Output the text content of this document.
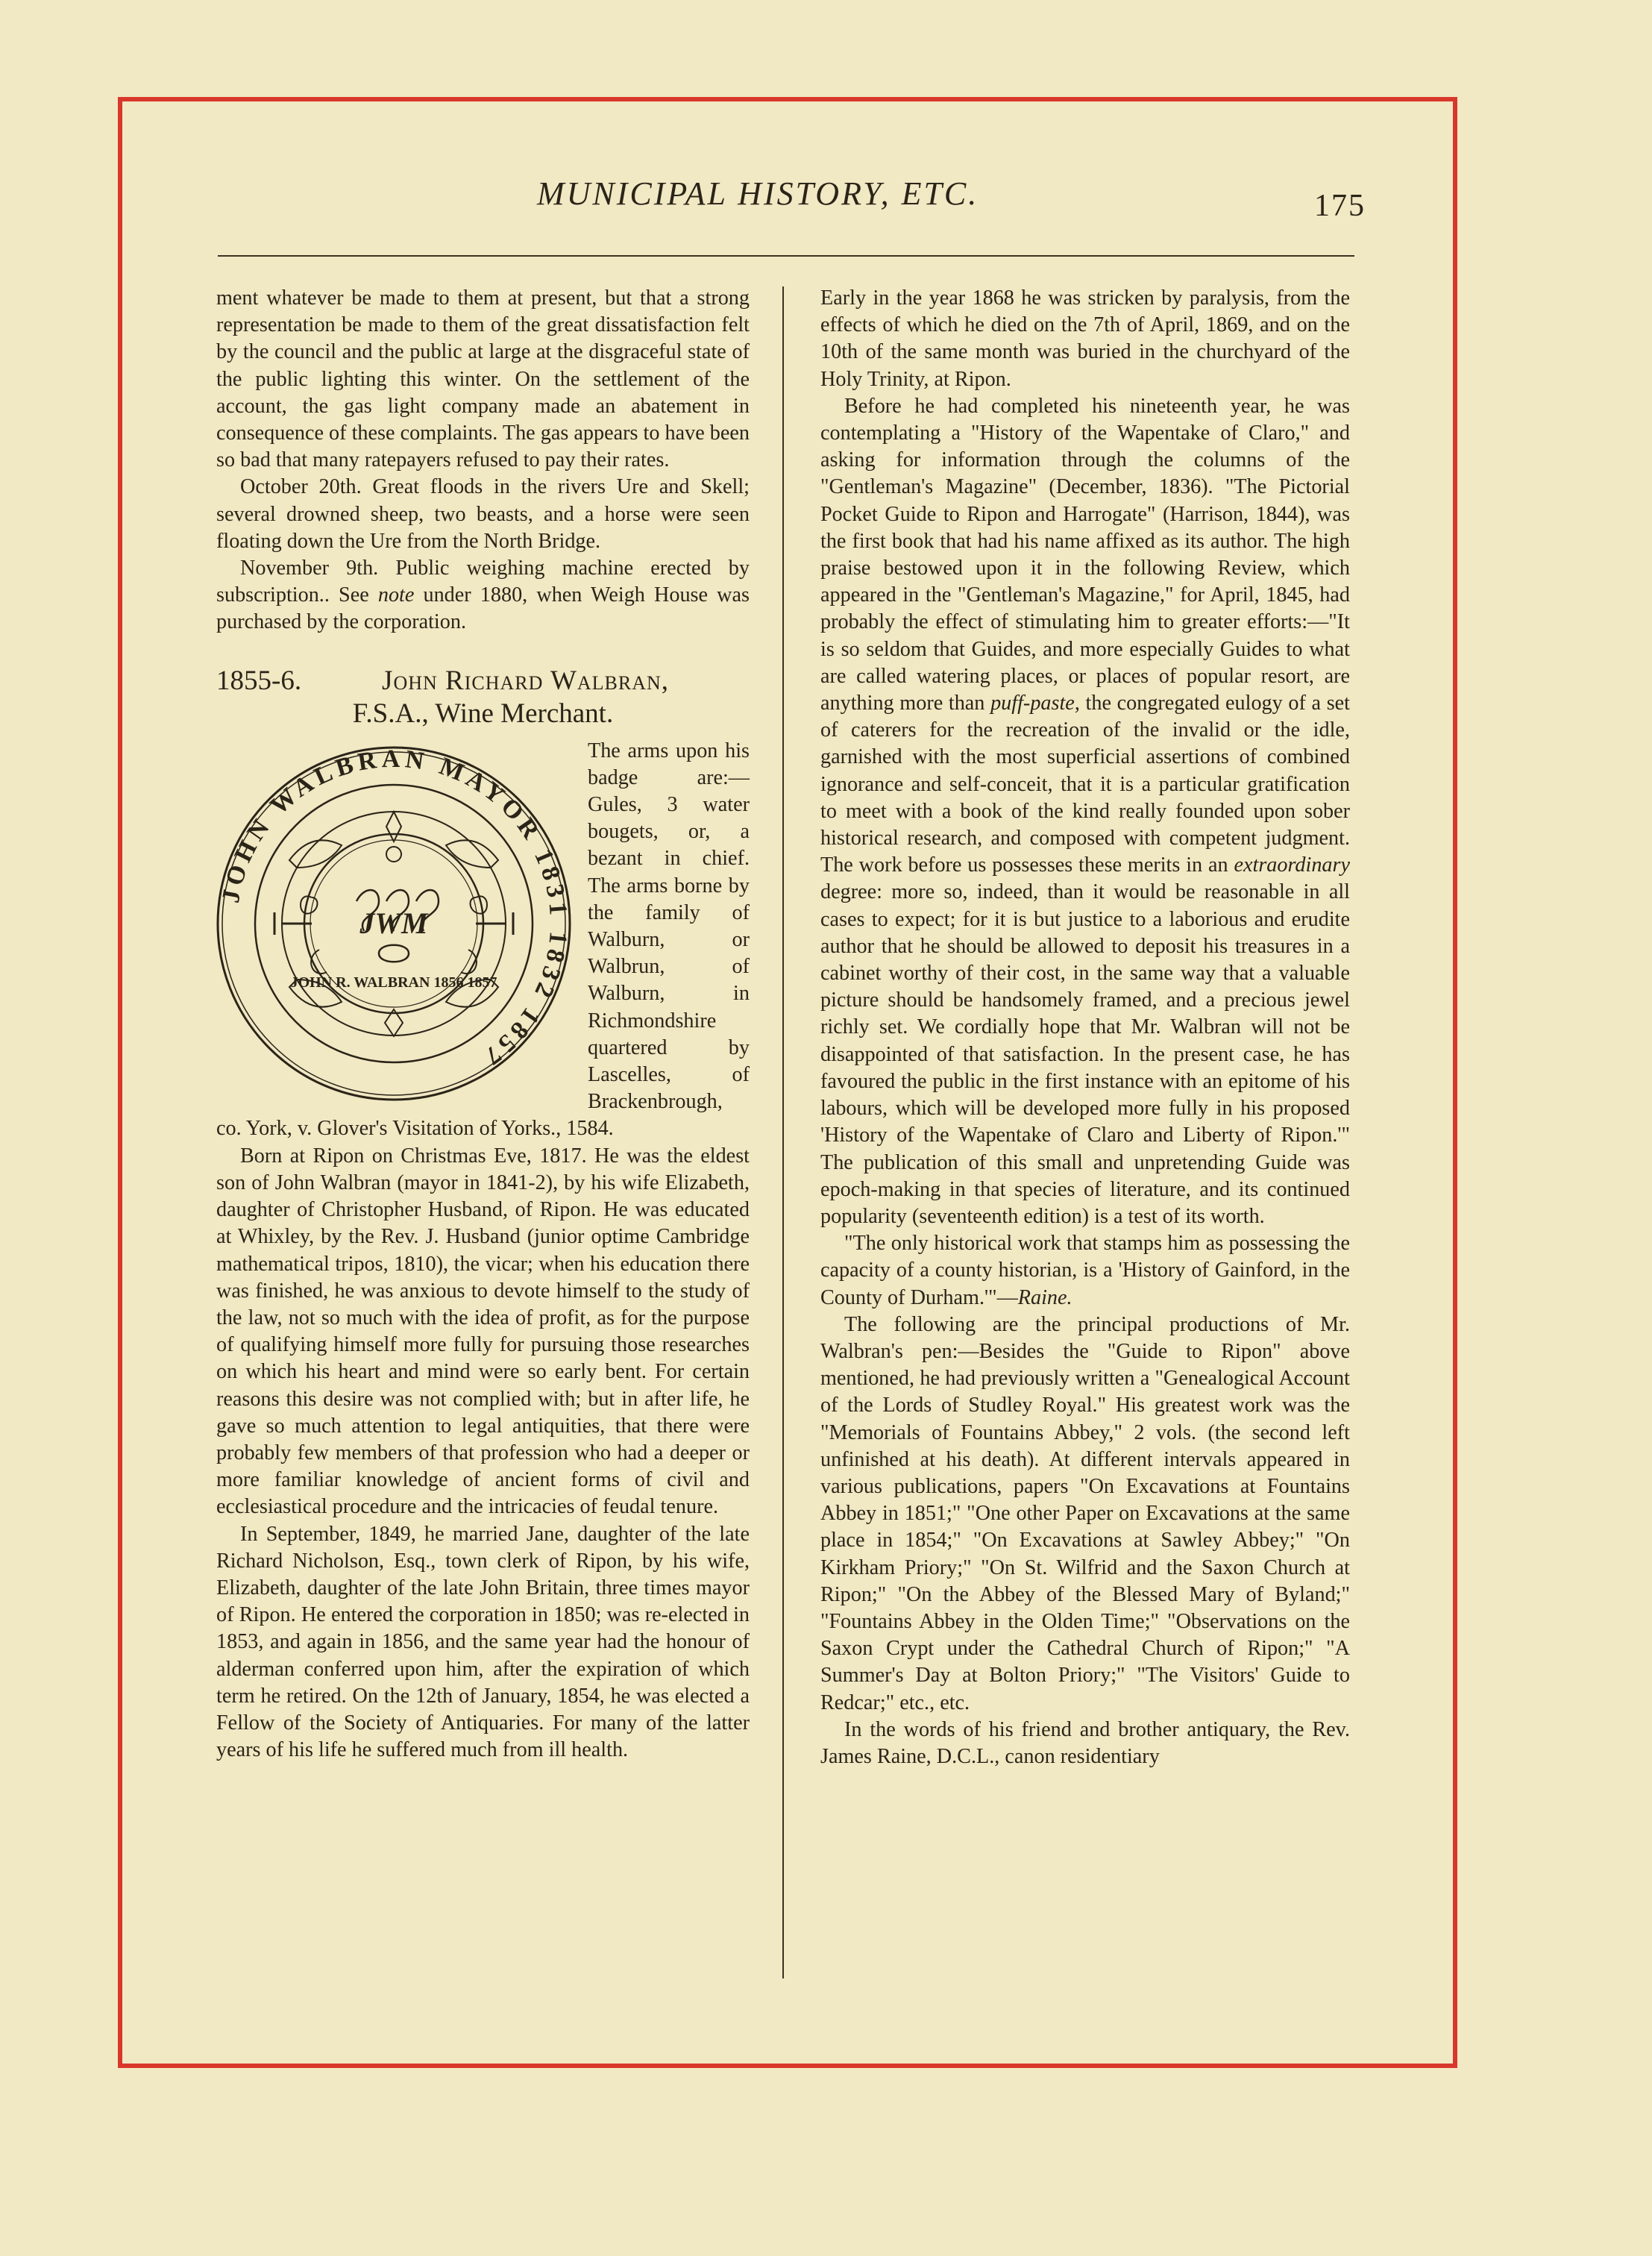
MUNICIPAL HISTORY, ETC.	175

ment whatever be made to them at present, but that a strong representation be made to them of the great dissatisfaction felt by the council and the public at large at the disgraceful state of the public lighting this winter. On the settlement of the account, the gas light company made an abatement in consequence of these complaints. The gas appears to have been so bad that many ratepayers refused to pay their rates.

October 20th. Great floods in the rivers Ure and Skell; several drowned sheep, two beasts, and a horse were seen floating down the Ure from the North Bridge.

November 9th. Public weighing machine erected by subscription.. See note under 1880, when Weigh House was purchased by the corporation.

1855-6.	John Richard Walbran,
F.S.A., Wine Merchant.
JOHN WALBRAN MAYOR 1831 1832 1857
JOHN R. WALBRAN 1856 1857
JWM
The arms upon his badge are:—Gules, 3 water bougets, or, a bezant in chief. The arms borne by the family of Walburn, or Walbrun, of Walburn, in Richmondshire quartered by Lascelles, of Brackenbrough, co. York, v. Glover's Visitation of Yorks., 1584.

Born at Ripon on Christmas Eve, 1817. He was the eldest son of John Walbran (mayor in 1841-2), by his wife Elizabeth, daughter of Christopher Husband, of Ripon. He was educated at Whixley, by the Rev. J. Husband (junior optime Cambridge mathematical tripos, 1810), the vicar; when his education there was finished, he was anxious to devote himself to the study of the law, not so much with the idea of profit, as for the purpose of qualifying himself more fully for pursuing those researches on which his heart and mind were so early bent. For certain reasons this desire was not complied with; but in after life, he gave so much attention to legal antiquities, that there were probably few members of that profession who had a deeper or more familiar knowledge of ancient forms of civil and ecclesiastical procedure and the intricacies of feudal tenure.

In September, 1849, he married Jane, daughter of the late Richard Nicholson, Esq., town clerk of Ripon, by his wife, Elizabeth, daughter of the late John Britain, three times mayor of Ripon. He entered the corporation in 1850; was re-elected in 1853, and again in 1856, and the same year had the honour of alderman conferred upon him, after the expiration of which term he retired. On the 12th of January, 1854, he was elected a Fellow of the Society of Antiquaries. For many of the latter years of his life he suffered much from ill health.

Early in the year 1868 he was stricken by paralysis, from the effects of which he died on the 7th of April, 1869, and on the 10th of the same month was buried in the churchyard of the Holy Trinity, at Ripon.

Before he had completed his nineteenth year, he was contemplating a "History of the Wapentake of Claro," and asking for information through the columns of the "Gentleman's Magazine" (December, 1836). "The Pictorial Pocket Guide to Ripon and Harrogate" (Harrison, 1844), was the first book that had his name affixed as its author. The high praise bestowed upon it in the following Review, which appeared in the "Gentleman's Magazine," for April, 1845, had probably the effect of stimulating him to greater efforts:—"It is so seldom that Guides, and more especially Guides to what are called watering places, or places of popular resort, are anything more than puff-paste, the congregated eulogy of a set of caterers for the recreation of the invalid or the idle, garnished with the most superficial assertions of combined ignorance and self-conceit, that it is a particular gratification to meet with a book of the kind really founded upon sober historical research, and composed with competent judgment. The work before us possesses these merits in an extraordinary degree: more so, indeed, than it would be reasonable in all cases to expect; for it is but justice to a laborious and erudite author that he should be allowed to deposit his treasures in a cabinet worthy of their cost, in the same way that a valuable picture should be handsomely framed, and a precious jewel richly set. We cordially hope that Mr. Walbran will not be disappointed of that satisfaction. In the present case, he has favoured the public in the first instance with an epitome of his labours, which will be developed more fully in his proposed 'History of the Wapentake of Claro and Liberty of Ripon.'" The publication of this small and unpretending Guide was epoch-making in that species of literature, and its continued popularity (seventeenth edition) is a test of its worth.

"The only historical work that stamps him as possessing the capacity of a county historian, is a 'History of Gainford, in the County of Durham.'"—Raine.

The following are the principal productions of Mr. Walbran's pen:—Besides the "Guide to Ripon" above mentioned, he had previously written a "Genealogical Account of the Lords of Studley Royal." His greatest work was the "Memorials of Fountains Abbey," 2 vols. (the second left unfinished at his death). At different intervals appeared in various publications, papers "On Excavations at Fountains Abbey in 1851;" "One other Paper on Excavations at the same place in 1854;" "On Excavations at Sawley Abbey;" "On Kirkham Priory;" "On St. Wilfrid and the Saxon Church at Ripon;" "On the Abbey of the Blessed Mary of Byland;" "Fountains Abbey in the Olden Time;" "Observations on the Saxon Crypt under the Cathedral Church of Ripon;" "A Summer's Day at Bolton Priory;" "The Visitors' Guide to Redcar;" etc., etc.

In the words of his friend and brother antiquary, the Rev. James Raine, D.C.L., canon residentiary
